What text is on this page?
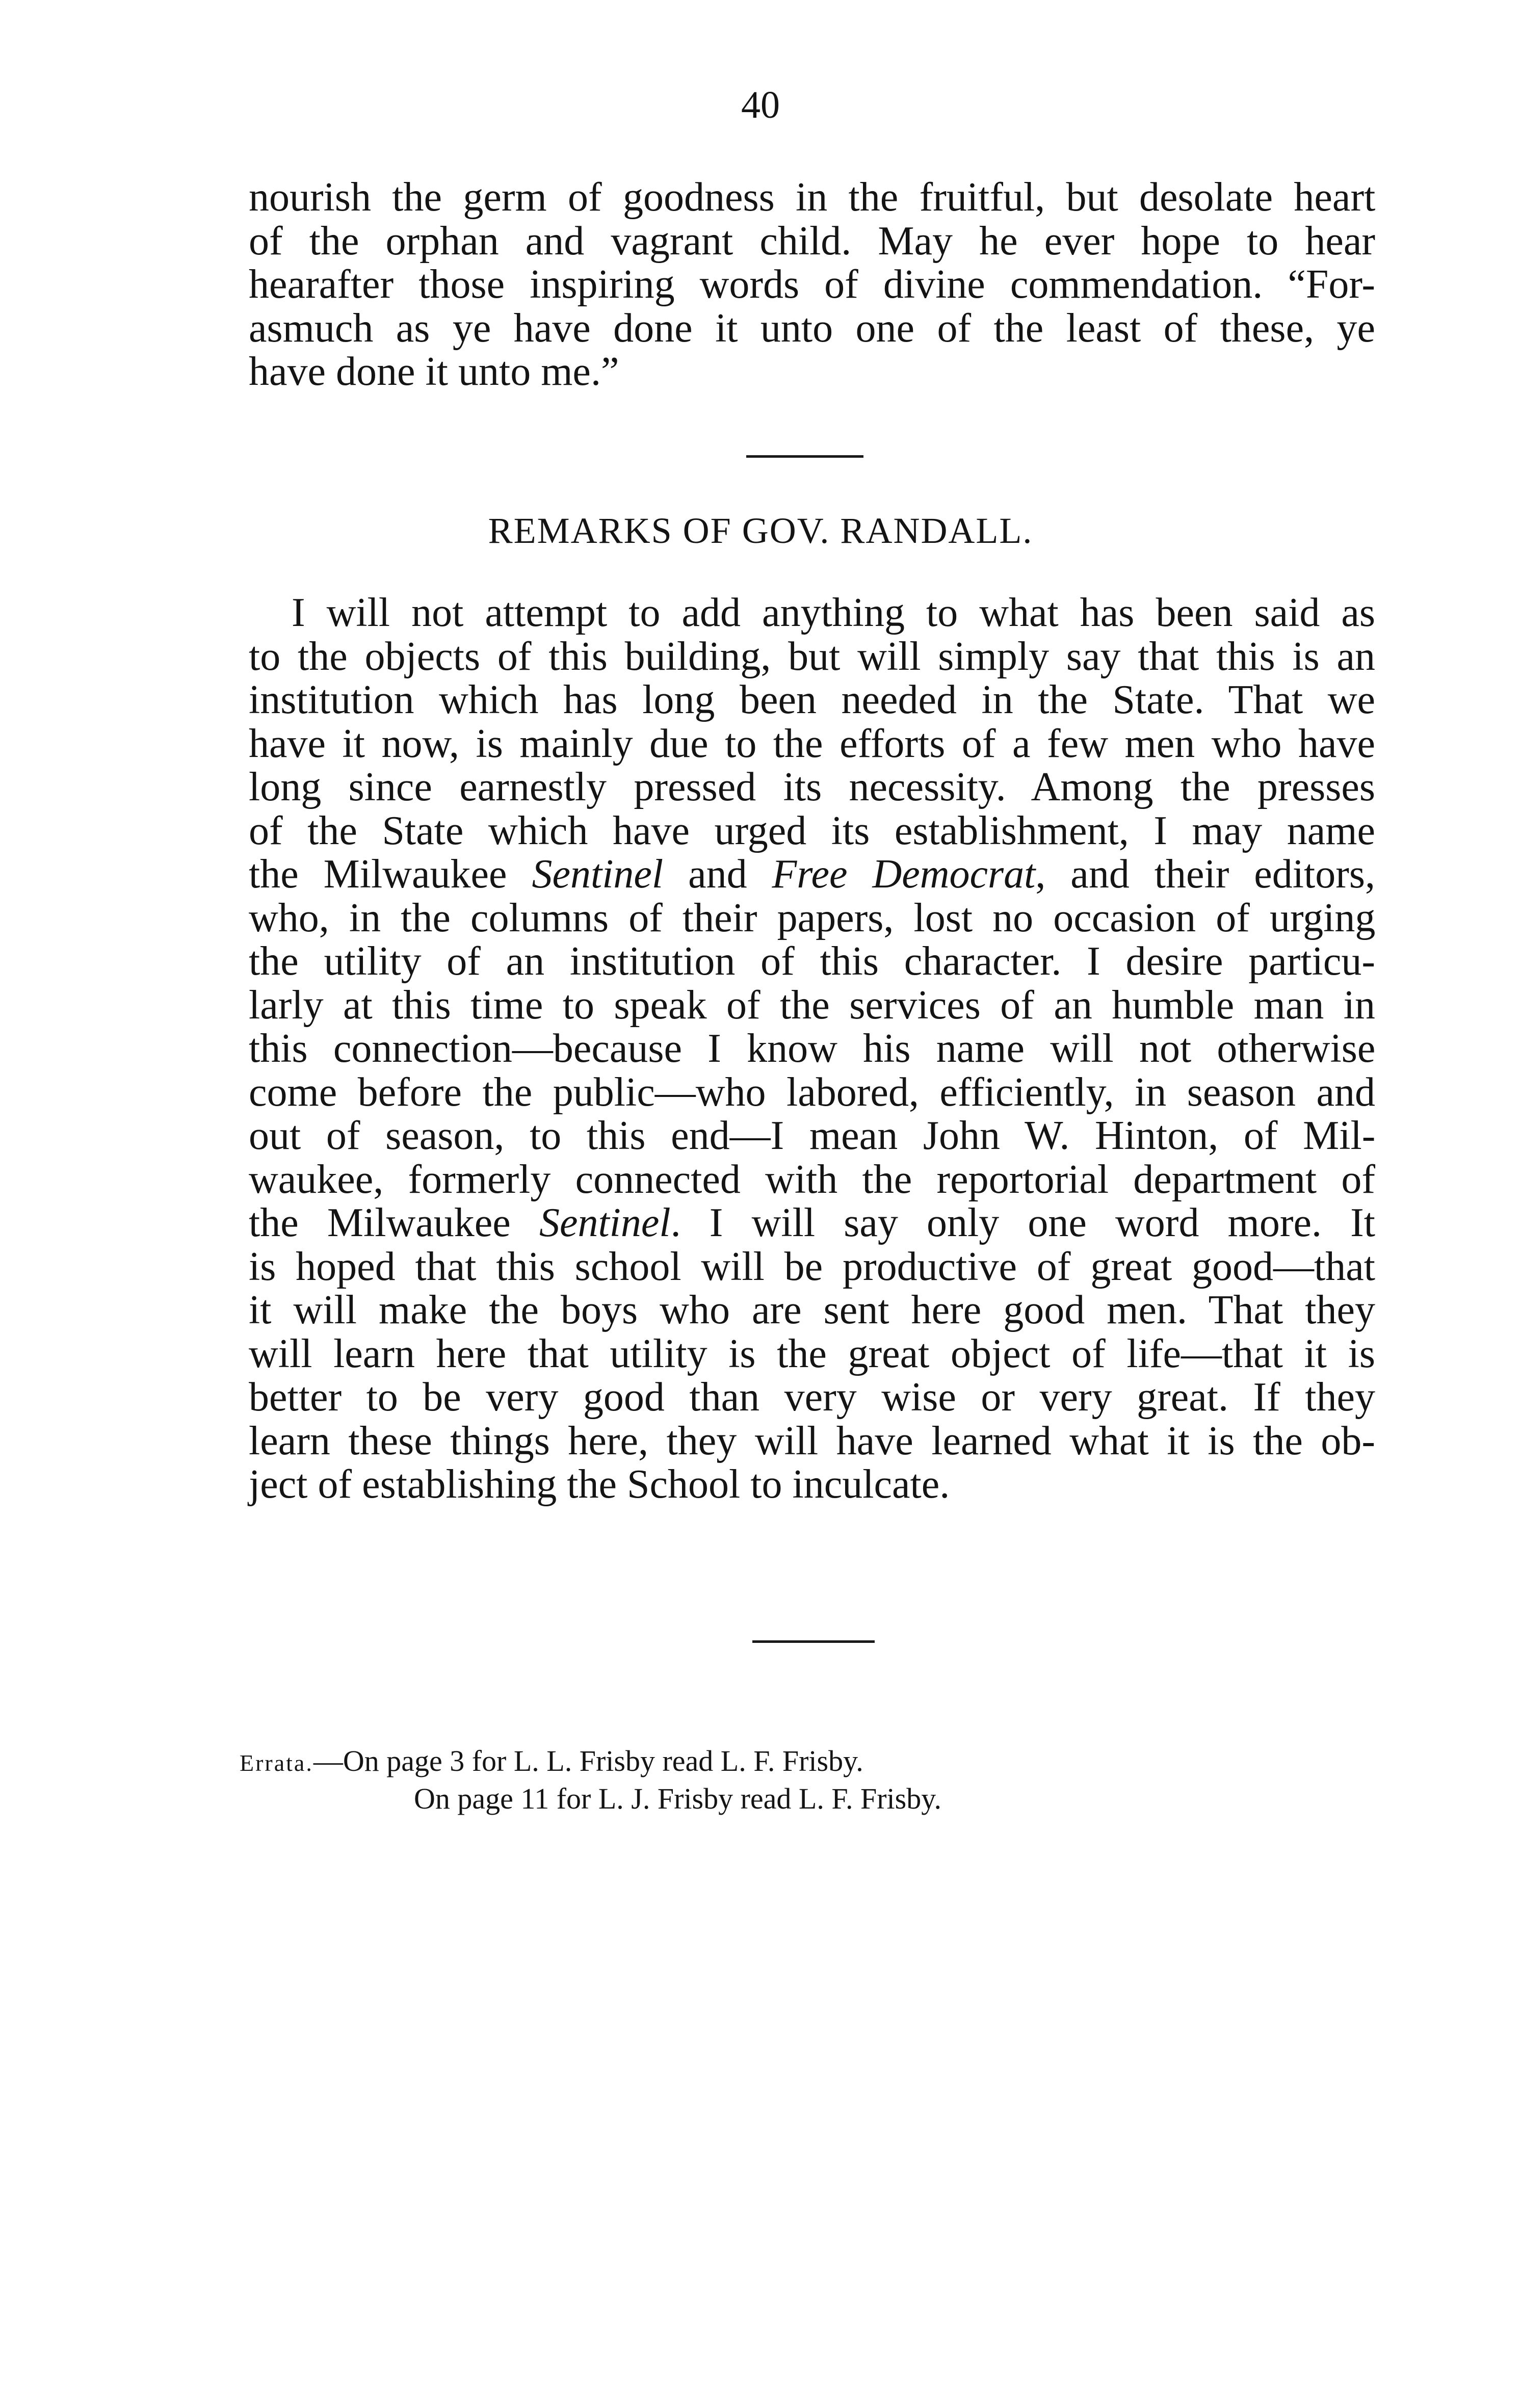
40
nourish the germ of goodness in the fruitful, but desolate heart
of the orphan and vagrant child. May he ever hope to hear
hearafter those inspiring words of divine commendation. “For-
asmuch as ye have done it unto one of the least of these, ye
have done it unto me.”
REMARKS OF GOV. RANDALL.
I will not attempt to add anything to what has been said as
to the objects of this building, but will simply say that this is an
institution which has long been needed in the State. That we
have it now, is mainly due to the efforts of a few men who have
long since earnestly pressed its necessity. Among the presses
of the State which have urged its establishment, I may name
the Milwaukee Sentinel and Free Democrat, and their editors,
who, in the columns of their papers, lost no occasion of urging
the utility of an institution of this character. I desire particu-
larly at this time to speak of the services of an humble man in
this connection—because I know his name will not otherwise
come before the public—who labored, efficiently, in season and
out of season, to this end—I mean John W. Hinton, of Mil-
waukee, formerly connected with the reportorial department of
the Milwaukee Sentinel. I will say only one word more. It
is hoped that this school will be productive of great good—that
it will make the boys who are sent here good men. That they
will learn here that utility is the great object of life—that it is
better to be very good than very wise or very great. If they
learn these things here, they will have learned what it is the ob-
ject of establishing the School to inculcate.
Errata.—On page 3 for L. L. Frisby read L. F. Frisby.
On page 11 for L. J. Frisby read L. F. Frisby.
